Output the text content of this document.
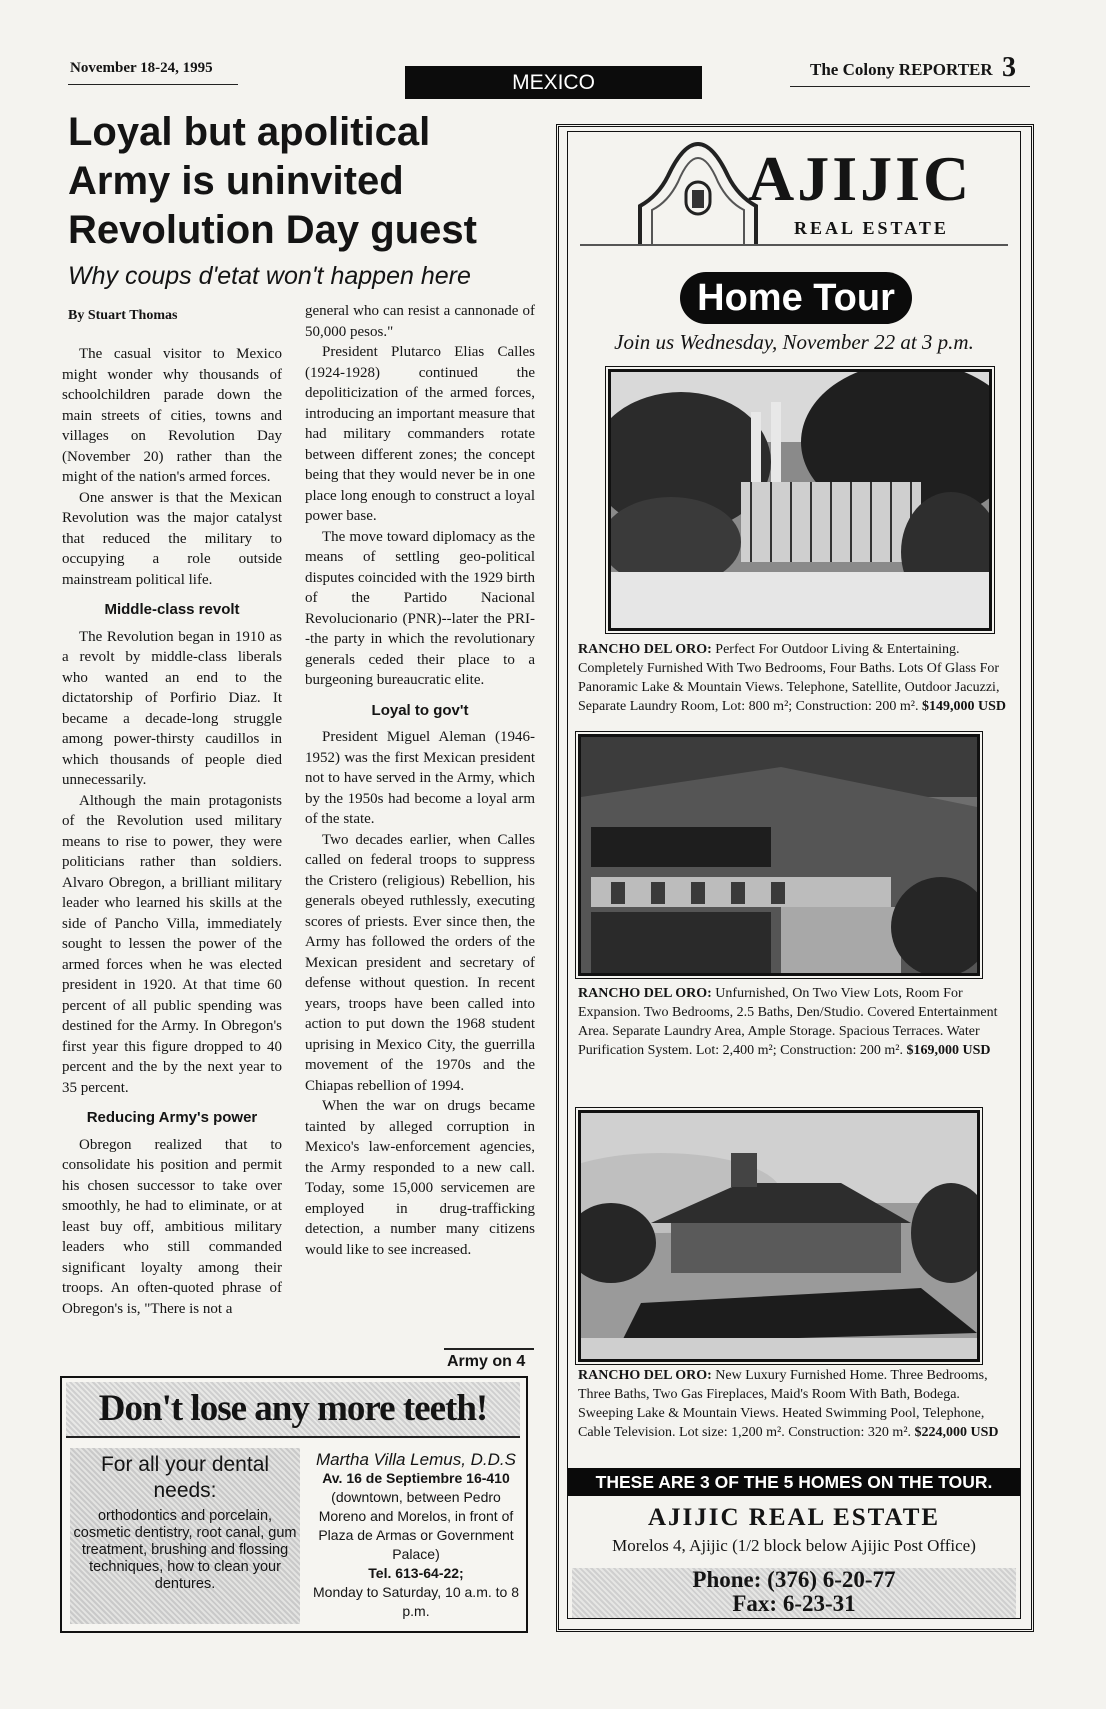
November 18-24, 1995
MEXICO
The Colony REPORTER 3
Loyal but apolitical
Army is uninvited
Revolution Day guest
Why coups d'etat won't happen here
By Stuart Thomas

The casual visitor to Mexico might wonder why thousands of schoolchildren parade down the main streets of cities, towns and villages on Revolution Day (November 20) rather than the might of the nation's armed forces.

One answer is that the Mexican Revolution was the major catalyst that reduced the military to occupying a role outside mainstream political life.

Middle-class revolt

The Revolution began in 1910 as a revolt by middle-class liberals who wanted an end to the dictatorship of Porfirio Diaz. It became a decade-long struggle among power-thirsty caudillos in which thousands of people died unnecessarily.

Although the main protagonists of the Revolution used military means to rise to power, they were politicians rather than soldiers. Alvaro Obregon, a brilliant military leader who learned his skills at the side of Pancho Villa, immediately sought to lessen the power of the armed forces when he was elected president in 1920. At that time 60 percent of all public spending was destined for the Army. In Obregon's first year this figure dropped to 40 percent and the by the next year to 35 percent.

Reducing Army's power

Obregon realized that to consolidate his position and permit his chosen successor to take over smoothly, he had to eliminate, or at least buy off, ambitious military leaders who still commanded significant loyalty among their troops. An often-quoted phrase of Obregon's is, "There is not a

general who can resist a cannonade of 50,000 pesos."

President Plutarco Elias Calles (1924-1928) continued the depoliticization of the armed forces, introducing an important measure that had military commanders rotate between different zones; the concept being that they would never be in one place long enough to construct a loyal power base.

The move toward diplomacy as the means of settling geo-political disputes coincided with the 1929 birth of the Partido Nacional Revolucionario (PNR)--later the PRI--the party in which the revolutionary generals ceded their place to a burgeoning bureaucratic elite.

Loyal to gov't

President Miguel Aleman (1946-1952) was the first Mexican president not to have served in the Army, which by the 1950s had become a loyal arm of the state.

Two decades earlier, when Calles called on federal troops to suppress the Cristero (religious) Rebellion, his generals obeyed ruthlessly, executing scores of priests. Ever since then, the Army has followed the orders of the Mexican president and secretary of defense without question. In recent years, troops have been called into action to put down the 1968 student uprising in Mexico City, the guerrilla movement of the 1970s and the Chiapas rebellion of 1994.

When the war on drugs became tainted by alleged corruption in Mexico's law-enforcement agencies, the Army responded to a new call. Today, some 15,000 servicemen are employed in drug-trafficking detection, a number many citizens would like to see increased.

Army on 4
Don't lose any more teeth!
For all your dental needs:
orthodontics and porcelain, cosmetic dentistry, root canal, gum treatment, brushing and flossing techniques, how to clean your dentures.
Martha Villa Lemus, D.D.S
Av. 16 de Septiembre 16-410
(downtown, between Pedro Moreno and Morelos, in front of Plaza de Armas or Government Palace)
Tel. 613-64-22;
Monday to Saturday, 10 a.m. to 8 p.m.
AJIJIC
REAL ESTATE
Home Tour
Join us Wednesday, November 22 at 3 p.m.
RANCHO DEL ORO: Perfect For Outdoor Living & Entertaining. Completely Furnished With Two Bedrooms, Four Baths. Lots Of Glass For Panoramic Lake & Mountain Views. Telephone, Satellite, Outdoor Jacuzzi, Separate Laundry Room, Lot: 800 m²; Construction: 200 m². $149,000 USD
RANCHO DEL ORO: Unfurnished, On Two View Lots, Room For Expansion. Two Bedrooms, 2.5 Baths, Den/Studio. Covered Entertainment Area. Separate Laundry Area, Ample Storage. Spacious Terraces. Water Purification System. Lot: 2,400 m²; Construction: 200 m². $169,000 USD
RANCHO DEL ORO: New Luxury Furnished Home. Three Bedrooms, Three Baths, Two Gas Fireplaces, Maid's Room With Bath, Bodega. Sweeping Lake & Mountain Views. Heated Swimming Pool, Telephone, Cable Television. Lot size: 1,200 m². Construction: 320 m². $224,000 USD
THESE ARE 3 OF THE 5 HOMES ON THE TOUR.
AJIJIC REAL ESTATE
Morelos 4, Ajijic (1/2 block below Ajijic Post Office)
Phone: (376) 6-20-77
Fax: 6-23-31
